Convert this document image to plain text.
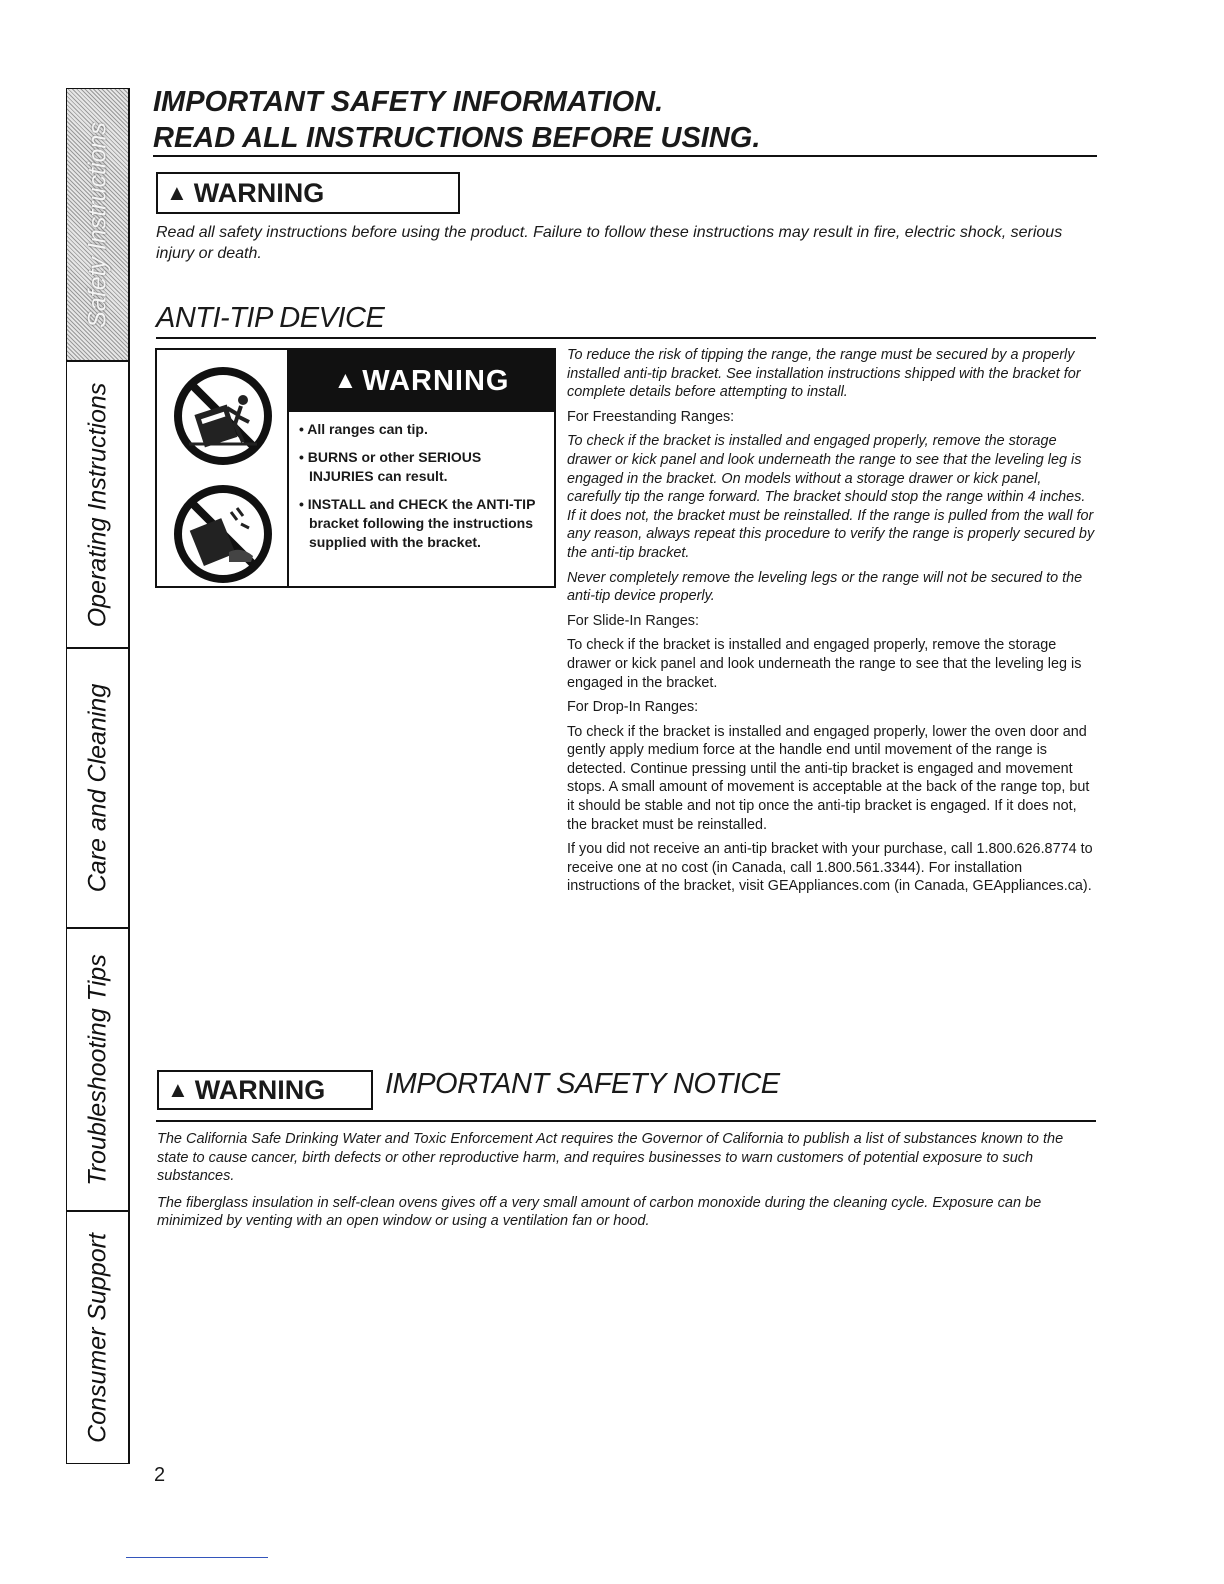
Safety Instructions
Operating Instructions
Care and Cleaning
Troubleshooting Tips
Consumer Support
IMPORTANT SAFETY INFORMATION.
READ ALL INSTRUCTIONS BEFORE USING.
▲ WARNING

Read all safety instructions before using the product. Failure to follow these instructions may result in fire, electric shock, serious injury or death.

ANTI-TIP DEVICE
▲ WARNING
• All ranges can tip.
• BURNS or other SERIOUS INJURIES can result.
• INSTALL and CHECK the ANTI-TIP bracket following the instructions supplied with the bracket.

To reduce the risk of tipping the range, the range must be secured by a properly installed anti-tip bracket. See installation instructions shipped with the bracket for complete details before attempting to install.

For Freestanding Ranges:

To check if the bracket is installed and engaged properly, remove the storage drawer or kick panel and look underneath the range to see that the leveling leg is engaged in the bracket. On models without a storage drawer or kick panel, carefully tip the range forward. The bracket should stop the range within 4 inches. If it does not, the bracket must be reinstalled. If the range is pulled from the wall for any reason, always repeat this procedure to verify the range is properly secured by the anti-tip bracket.

Never completely remove the leveling legs or the range will not be secured to the anti-tip device properly.

For Slide-In Ranges:

To check if the bracket is installed and engaged properly, remove the storage drawer or kick panel and look underneath the range to see that the leveling leg is engaged in the bracket.

For Drop-In Ranges:

To check if the bracket is installed and engaged properly, lower the oven door and gently apply medium force at the handle end until movement of the range is detected. Continue pressing until the anti-tip bracket is engaged and movement stops. A small amount of movement is acceptable at the back of the range top, but it should be stable and not tip once the anti-tip bracket is engaged. If it does not, the bracket must be reinstalled.

If you did not receive an anti-tip bracket with your purchase, call 1.800.626.8774 to receive one at no cost (in Canada, call 1.800.561.3344). For installation instructions of the bracket, visit GEAppliances.com (in Canada, GEAppliances.ca).

▲ WARNING IMPORTANT SAFETY NOTICE

The California Safe Drinking Water and Toxic Enforcement Act requires the Governor of California to publish a list of substances known to the state to cause cancer, birth defects or other reproductive harm, and requires businesses to warn customers of potential exposure to such substances.

The fiberglass insulation in self-clean ovens gives off a very small amount of carbon monoxide during the cleaning cycle. Exposure can be minimized by venting with an open window or using a ventilation fan or hood.

2
